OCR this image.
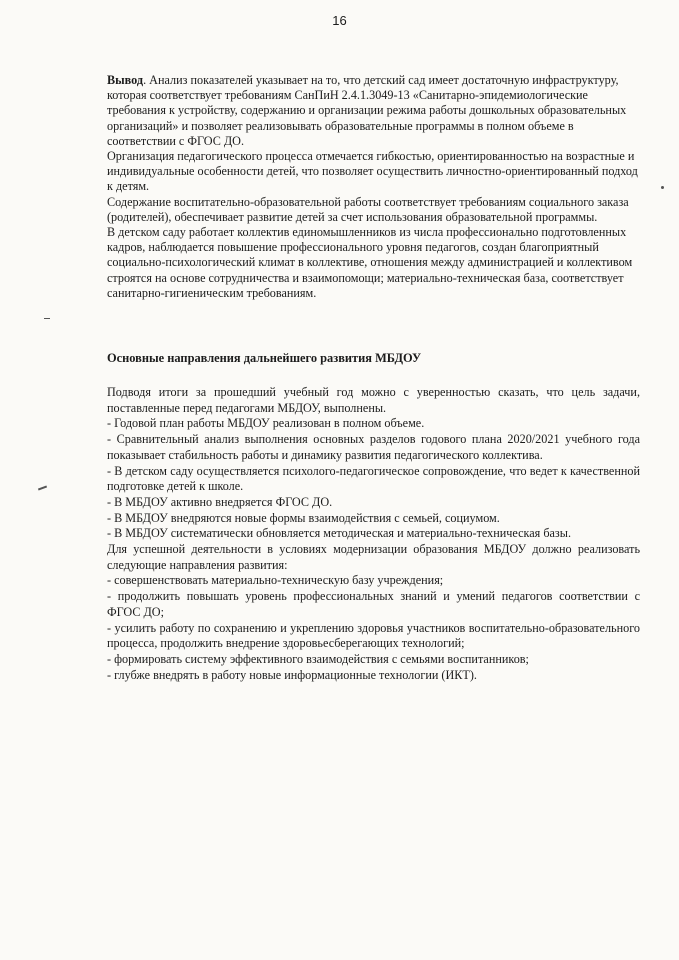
16

Вывод. Анализ показателей указывает на то, что детский сад имеет достаточную инфраструктуру, которая соответствует требованиям СанПиН 2.4.1.3049-13 «Санитарно-эпидемиологические требования к устройству, содержанию и организации режима работы дошкольных образовательных организаций» и позволяет реализовывать образовательные программы в полном объеме в соответствии с ФГОС ДО.

Организация педагогического процесса отмечается гибкостью, ориентированностью на возрастные и индивидуальные особенности детей, что позволяет осуществить личностно-ориентированный подход к детям.

Содержание воспитательно-образовательной работы соответствует требованиям социального заказа (родителей), обеспечивает развитие детей за счет использования образовательной программы.

В детском саду работает коллектив единомышленников из числа профессионально подготовленных кадров, наблюдается повышение профессионального уровня педагогов, создан благоприятный социально-психологический климат в коллективе, отношения между администрацией и коллективом строятся на основе сотрудничества и взаимопомощи; материально-техническая база, соответствует санитарно-гигиеническим требованиям.

Основные направления дальнейшего развития МБДОУ

Подводя итоги за прошедший учебный год можно с уверенностью сказать, что цель задачи, поставленные перед педагогами МБДОУ, выполнены.

- Годовой план работы МБДОУ реализован в полном объеме.

- Сравнительный анализ выполнения основных разделов годового плана 2020/2021 учебного года показывает стабильность работы и динамику развития педагогического коллектива.

- В детском саду осуществляется психолого-педагогическое сопровождение, что ведет к качественной подготовке детей к школе.

- В МБДОУ активно внедряется ФГОС ДО.

- В МБДОУ внедряются новые формы взаимодействия с семьей, социумом.

- В МБДОУ систематически обновляется методическая и материально-техническая базы.

Для успешной деятельности в условиях модернизации образования МБДОУ должно реализовать следующие направления развития:

- совершенствовать материально-техническую базу учреждения;

- продолжить повышать уровень профессиональных знаний и умений педагогов соответствии с ФГОС ДО;

- усилить работу по сохранению и укреплению здоровья участников воспитательно-образовательного процесса, продолжить внедрение здоровьесберегающих технологий;

- формировать систему эффективного взаимодействия с семьями воспитанников;

- глубже внедрять в работу новые информационные технологии (ИКТ).
